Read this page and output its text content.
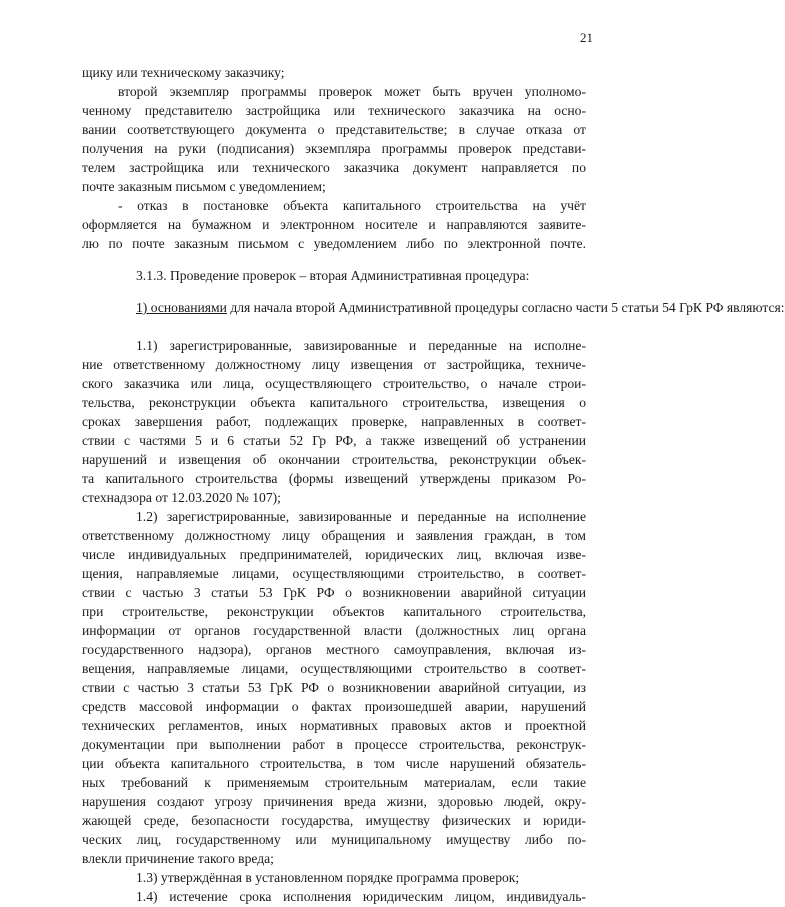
21
щику или техническому заказчику;
второй экземпляр программы проверок может быть вручен уполномо-
ченному представителю застройщика или технического заказчика на осно-
вании соответствующего документа о представительстве; в случае отказа от
получения на руки (подписания) экземпляра программы проверок представи-
телем застройщика или технического заказчика документ направляется по
почте заказным письмом с уведомлением;
- отказ в постановке объекта капитального строительства на учёт
оформляется на бумажном и электронном носителе и направляются заявите-
лю по почте заказным письмом с уведомлением либо по электронной почте.
3.1.3. Проведение проверок – вторая Административная процедура:
1) основаниями для начала второй Административной процедуры согласно части 5 статьи 54 ГрК РФ являются:
1.1) зарегистрированные, завизированные и переданные на исполне-
ние ответственному должностному лицу извещения от застройщика, техниче-
ского заказчика или лица, осуществляющего строительство, о начале строи-
тельства, реконструкции объекта капитального строительства, извещения о
сроках завершения работ, подлежащих проверке, направленных в соответ-
ствии с частями 5 и 6 статьи 52 Гр РФ, а также извещений об устранении
нарушений и извещения об окончании строительства, реконструкции объек-
та капитального строительства (формы извещений утверждены приказом Ро-
стехнадзора от 12.03.2020 № 107);
1.2) зарегистрированные, завизированные и переданные на исполнение
ответственному должностному лицу обращения и заявления граждан, в том
числе индивидуальных предпринимателей, юридических лиц, включая изве-
щения, направляемые лицами, осуществляющими строительство, в соответ-
ствии с частью 3 статьи 53 ГрК РФ о возникновении аварийной ситуации
при строительстве, реконструкции объектов капитального строительства,
информации от органов государственной власти (должностных лиц органа
государственного надзора), органов местного самоуправления, включая из-
вещения, направляемые лицами, осуществляющими строительство в соответ-
ствии с частью 3 статьи 53 ГрК РФ о возникновении аварийной ситуации, из
средств массовой информации о фактах произошедшей аварии, нарушений
технических регламентов, иных нормативных правовых актов и проектной
документации при выполнении работ в процессе строительства, реконструк-
ции объекта капитального строительства, в том числе нарушений обязатель-
ных требований к применяемым строительным материалам, если такие
нарушения создают угрозу причинения вреда жизни, здоровью людей, окру-
жающей среде, безопасности государства, имуществу физических и юриди-
ческих лиц, государственному или муниципальному имуществу либо по-
влекли причинение такого вреда;
1.3) утверждённая в установленном порядке программа проверок;
1.4) истечение срока исполнения юридическим лицом, индивидуаль-
